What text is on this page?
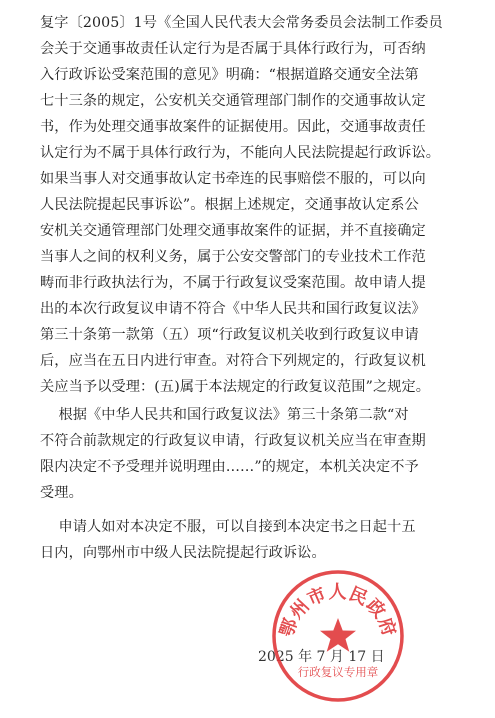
复字〔2005〕1号《全国人民代表大会常务委员会法制工作委员
会关于交通事故责任认定行为是否属于具体行政行为，可否纳
入行政诉讼受案范围的意见》明确：“根据道路交通安全法第
七十三条的规定，公安机关交通管理部门制作的交通事故认定
书，作为处理交通事故案件的证据使用。因此，交通事故责任
认定行为不属于具体行政行为，不能向人民法院提起行政诉讼。
如果当事人对交通事故认定书牵连的民事赔偿不服的，可以向
人民法院提起民事诉讼”。根据上述规定，交通事故认定系公
安机关交通管理部门处理交通事故案件的证据，并不直接确定
当事人之间的权利义务，属于公安交警部门的专业技术工作范
畴而非行政执法行为，不属于行政复议受案范围。故申请人提
出的本次行政复议申请不符合《中华人民共和国行政复议法》
第三十条第一款第（五）项“行政复议机关收到行政复议申请
后，应当在五日内进行审查。对符合下列规定的，行政复议机
关应当予以受理：(五)属于本法规定的行政复议范围”之规定。
根据《中华人民共和国行政复议法》第三十条第二款“对
不符合前款规定的行政复议申请，行政复议机关应当在审查期
限内决定不予受理并说明理由……”的规定，本机关决定不予
受理。
申请人如对本决定不服，可以自接到本决定书之日起十五
日内，向鄂州市中级人民法院提起行政诉讼。
2025 年 7 月 17 日
鄂州市人民政府
行政复议专用章
